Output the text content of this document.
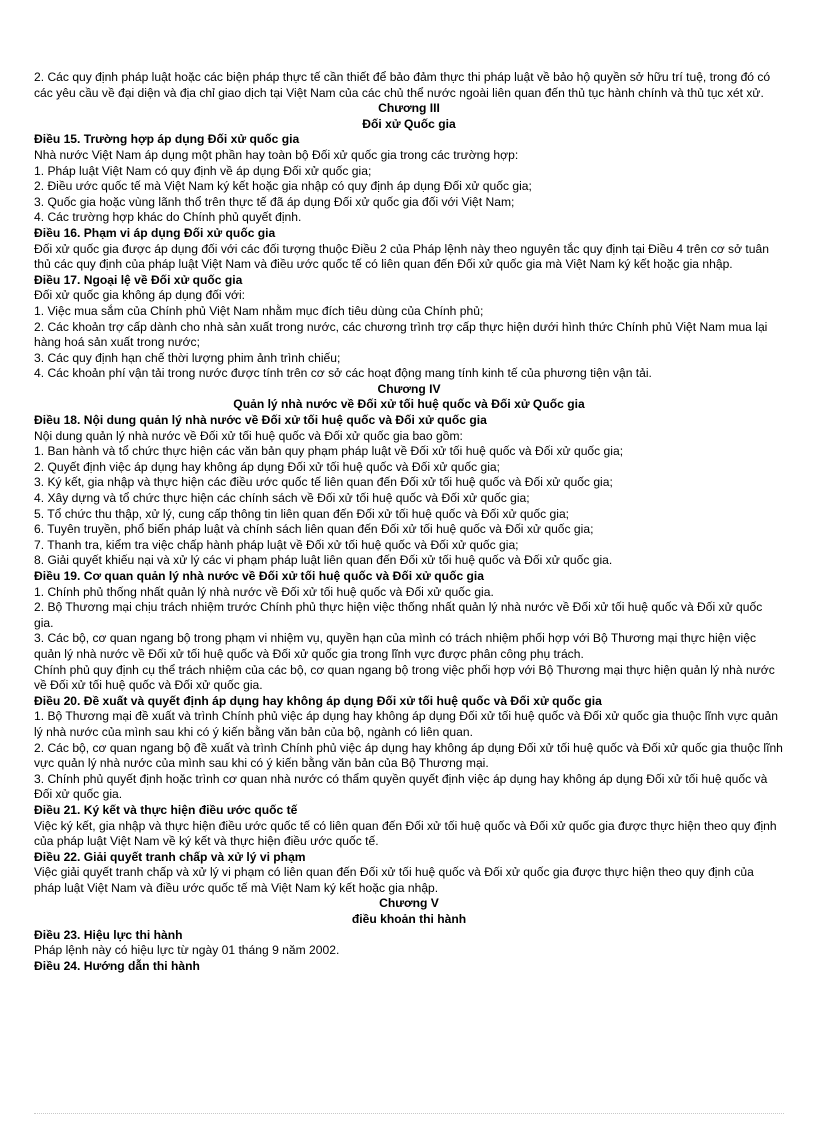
2. Các quy định pháp luật hoặc các biện pháp thực tế cần thiết để bảo đảm thực thi pháp luật về bảo hộ quyền sở hữu trí tuệ, trong đó có các yêu cầu về đại diện và địa chỉ giao dịch tại Việt Nam của các chủ thể nước ngoài liên quan đến thủ tục hành chính và thủ tục xét xử.

Chương III

Đối xử Quốc gia

Điều 15. Trường hợp áp dụng Đối xử quốc gia

Nhà nước Việt Nam áp dụng một phần hay toàn bộ Đối xử quốc gia trong các trường hợp:

1. Pháp luật Việt Nam có quy định về áp dụng Đối xử quốc gia;

2. Điều ước quốc tế mà Việt Nam ký kết hoặc gia nhập có quy định áp dụng Đối xử quốc gia;

3. Quốc gia hoặc vùng lãnh thổ trên thực tế đã áp dụng Đối xử quốc gia đối với Việt Nam;

4. Các trường hợp khác do Chính phủ quyết định.

Điều 16. Phạm vi áp dụng Đối xử quốc gia

Đối xử quốc gia được áp dụng đối với các đối tượng thuộc Điều 2 của Pháp lệnh này theo nguyên tắc quy định tại Điều 4 trên cơ sở tuân thủ các quy định của pháp luật Việt Nam và điều ước quốc tế có liên quan đến Đối xử quốc gia mà Việt Nam ký kết hoặc gia nhập.

Điều 17. Ngoại lệ về Đối xử quốc gia

Đối xử quốc gia không áp dụng đối với:

1. Việc mua sắm của Chính phủ Việt Nam nhằm mục đích tiêu dùng của Chính phủ;

2. Các khoản trợ cấp dành cho nhà sản xuất trong nước, các chương trình trợ cấp thực hiện dưới hình thức Chính phủ Việt Nam mua lại hàng hoá sản xuất trong nước;

3. Các quy định hạn chế thời lượng phim ảnh trình chiếu;

4. Các khoản phí vận tải trong nước được tính trên cơ sở các hoạt động mang tính kinh tế của phương tiện vận tải.

Chương IV

Quản lý nhà nước về Đối xử tối huệ quốc và Đối xử Quốc gia

Điều 18. Nội dung quản lý nhà nước về Đối xử tối huệ quốc và Đối xử quốc gia

Nội dung quản lý nhà nước về Đối xử tối huệ quốc và Đối xử quốc gia bao gồm:

1. Ban hành và tổ chức thực hiện các văn bản quy phạm pháp luật về Đối xử tối huệ quốc và Đối xử quốc gia;

2. Quyết định việc áp dụng hay không áp dụng Đối xử tối huệ quốc và Đối xử quốc gia;

3. Ký kết, gia nhập và thực hiện các điều ước quốc tế liên quan đến Đối xử tối huệ quốc và Đối xử quốc gia;

4. Xây dựng và tổ chức thực hiện các chính sách về Đối xử tối huệ quốc và Đối xử quốc gia;

5. Tổ chức thu thập, xử lý, cung cấp thông tin liên quan đến Đối xử tối huệ quốc và Đối xử quốc gia;

6. Tuyên truyền, phổ biến pháp luật và chính sách liên quan đến Đối xử tối huệ quốc và Đối xử quốc gia;

7. Thanh tra, kiểm tra việc chấp hành pháp luật về Đối xử tối huệ quốc và Đối xử quốc gia;

8. Giải quyết khiếu nại và xử lý các vi phạm pháp luật liên quan đến Đối xử tối huệ quốc và Đối xử quốc gia.

Điều 19. Cơ quan quản lý nhà nước về Đối xử tối huệ quốc và Đối xử quốc gia

1. Chính phủ thống nhất quản lý nhà nước về Đối xử tối huệ quốc và Đối xử quốc gia.

2. Bộ Thương mại chịu trách nhiệm trước Chính phủ thực hiện việc thống nhất quản lý nhà nước về Đối xử tối huệ quốc và Đối xử quốc gia.

3. Các bộ, cơ quan ngang bộ trong phạm vi nhiệm vụ, quyền hạn của mình có trách nhiệm phối hợp với Bộ Thương mại thực hiện việc quản lý nhà nước về Đối xử tối huệ quốc và Đối xử quốc gia trong lĩnh vực được phân công phụ trách.

Chính phủ quy định cụ thể trách nhiệm của các bộ, cơ quan ngang bộ trong việc phối hợp với Bộ Thương mại thực hiện quản lý nhà nước về Đối xử tối huệ quốc và Đối xử quốc gia.

Điều 20. Đề xuất và quyết định áp dụng hay không áp dụng Đối xử tối huệ quốc và Đối xử quốc gia

1. Bộ Thương mại đề xuất và trình Chính phủ việc áp dụng hay không áp dụng Đối xử tối huệ quốc và Đối xử quốc gia thuộc lĩnh vực quản lý nhà nước của mình sau khi có ý kiến bằng văn bản của bộ, ngành có liên quan.

2. Các bộ, cơ quan ngang bộ đề xuất và trình Chính phủ việc áp dụng hay không áp dụng Đối xử tối huệ quốc và Đối xử quốc gia thuộc lĩnh vực quản lý nhà nước của mình sau khi có ý kiến bằng văn bản của Bộ Thương mại.

3. Chính phủ quyết định hoặc trình cơ quan nhà nước có thẩm quyền quyết định việc áp dụng hay không áp dụng Đối xử tối huệ quốc và Đối xử quốc gia.

Điều 21. Ký kết và thực hiện điều ước quốc tế

Việc ký kết, gia nhập và thực hiện điều ước quốc tế có liên quan đến Đối xử tối huệ quốc và Đối xử quốc gia được thực hiện theo quy định của pháp luật Việt Nam về ký kết và thực hiện điều ước quốc tế.

Điều 22. Giải quyết tranh chấp và xử lý vi phạm

Việc giải quyết tranh chấp và xử lý vi phạm có liên quan đến Đối xử tối huệ quốc và Đối xử quốc gia được thực hiện theo quy định của pháp luật Việt Nam và điều ước quốc tế mà Việt Nam ký kết hoặc gia nhập.

Chương V

điều khoản thi hành

Điều 23. Hiệu lực thi hành

Pháp lệnh này có hiệu lực từ ngày 01 tháng 9 năm 2002.

Điều 24. Hướng dẫn thi hành
